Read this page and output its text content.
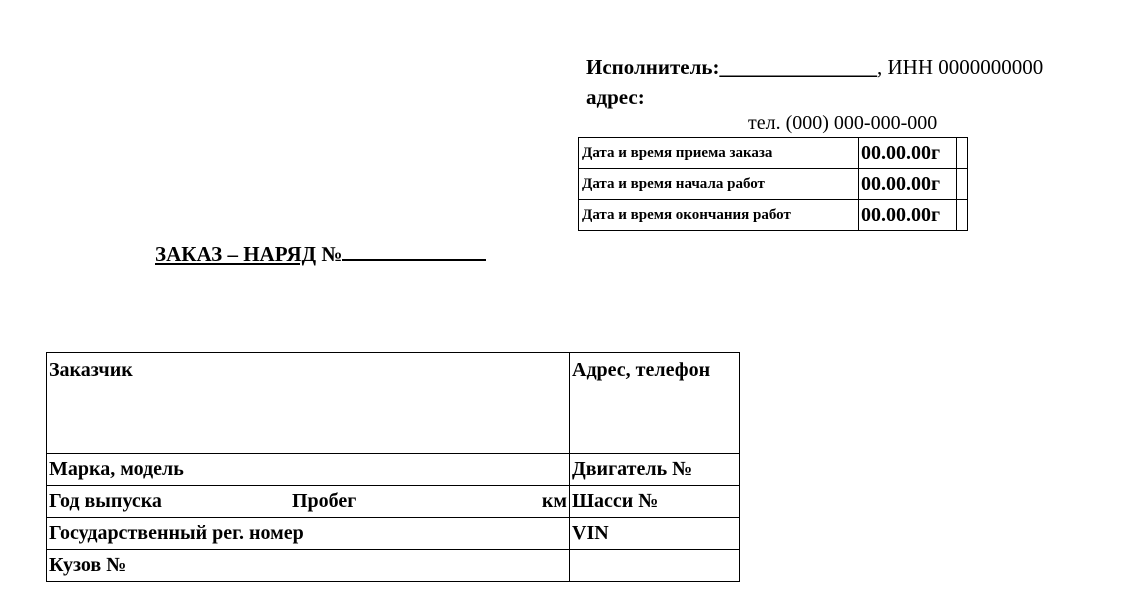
Исполнитель:_______________, ИНН 0000000000
адрес:
тел. (000) 000-000-000
Дата и время приема заказа	00.00.00г	
Дата и время начала работ	00.00.00г	
Дата и время окончания работ	00.00.00г	
ЗАКАЗ – НАРЯД №
Заказчик	Адрес, телефон
Марка, модель	Двигатель №

Год выпуска Пробег км	Шасси №
Государственный рег. номер	VIN
Кузов №	
